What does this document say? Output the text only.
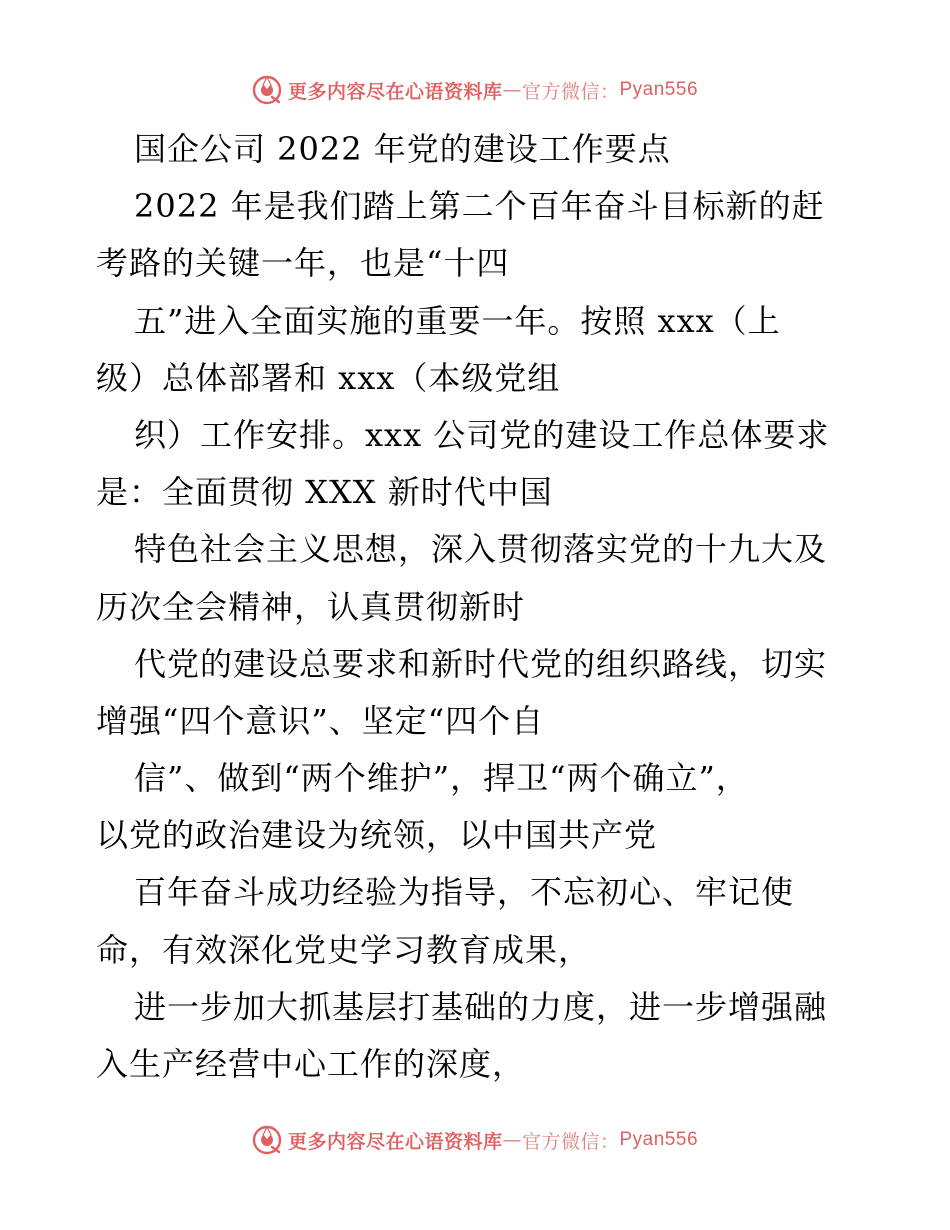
更多内容尽在心语资料库 — 官方微信： Pyan556
国企公司 2022 年党的建设工作要点
2022 年是我们踏上第二个百年奋斗目标新的赶
考路的关键一年，也是“十四
五”进入全面实施的重要一年。按照 xxx（上
级）总体部署和 xxx（本级党组
织）工作安排。xxx 公司党的建设工作总体要求
是：全面贯彻 XXX 新时代中国
特色社会主义思想，深入贯彻落实党的十九大及
历次全会精神，认真贯彻新时
代党的建设总要求和新时代党的组织路线，切实
增强“四个意识”、坚定“四个自
信”、做到“两个维护”，捍卫“两个确立”，
以党的政治建设为统领，以中国共产党
百年奋斗成功经验为指导，不忘初心、牢记使
命，有效深化党史学习教育成果，
进一步加大抓基层打基础的力度，进一步增强融
入生产经营中心工作的深度，
更多内容尽在心语资料库 — 官方微信： Pyan556
